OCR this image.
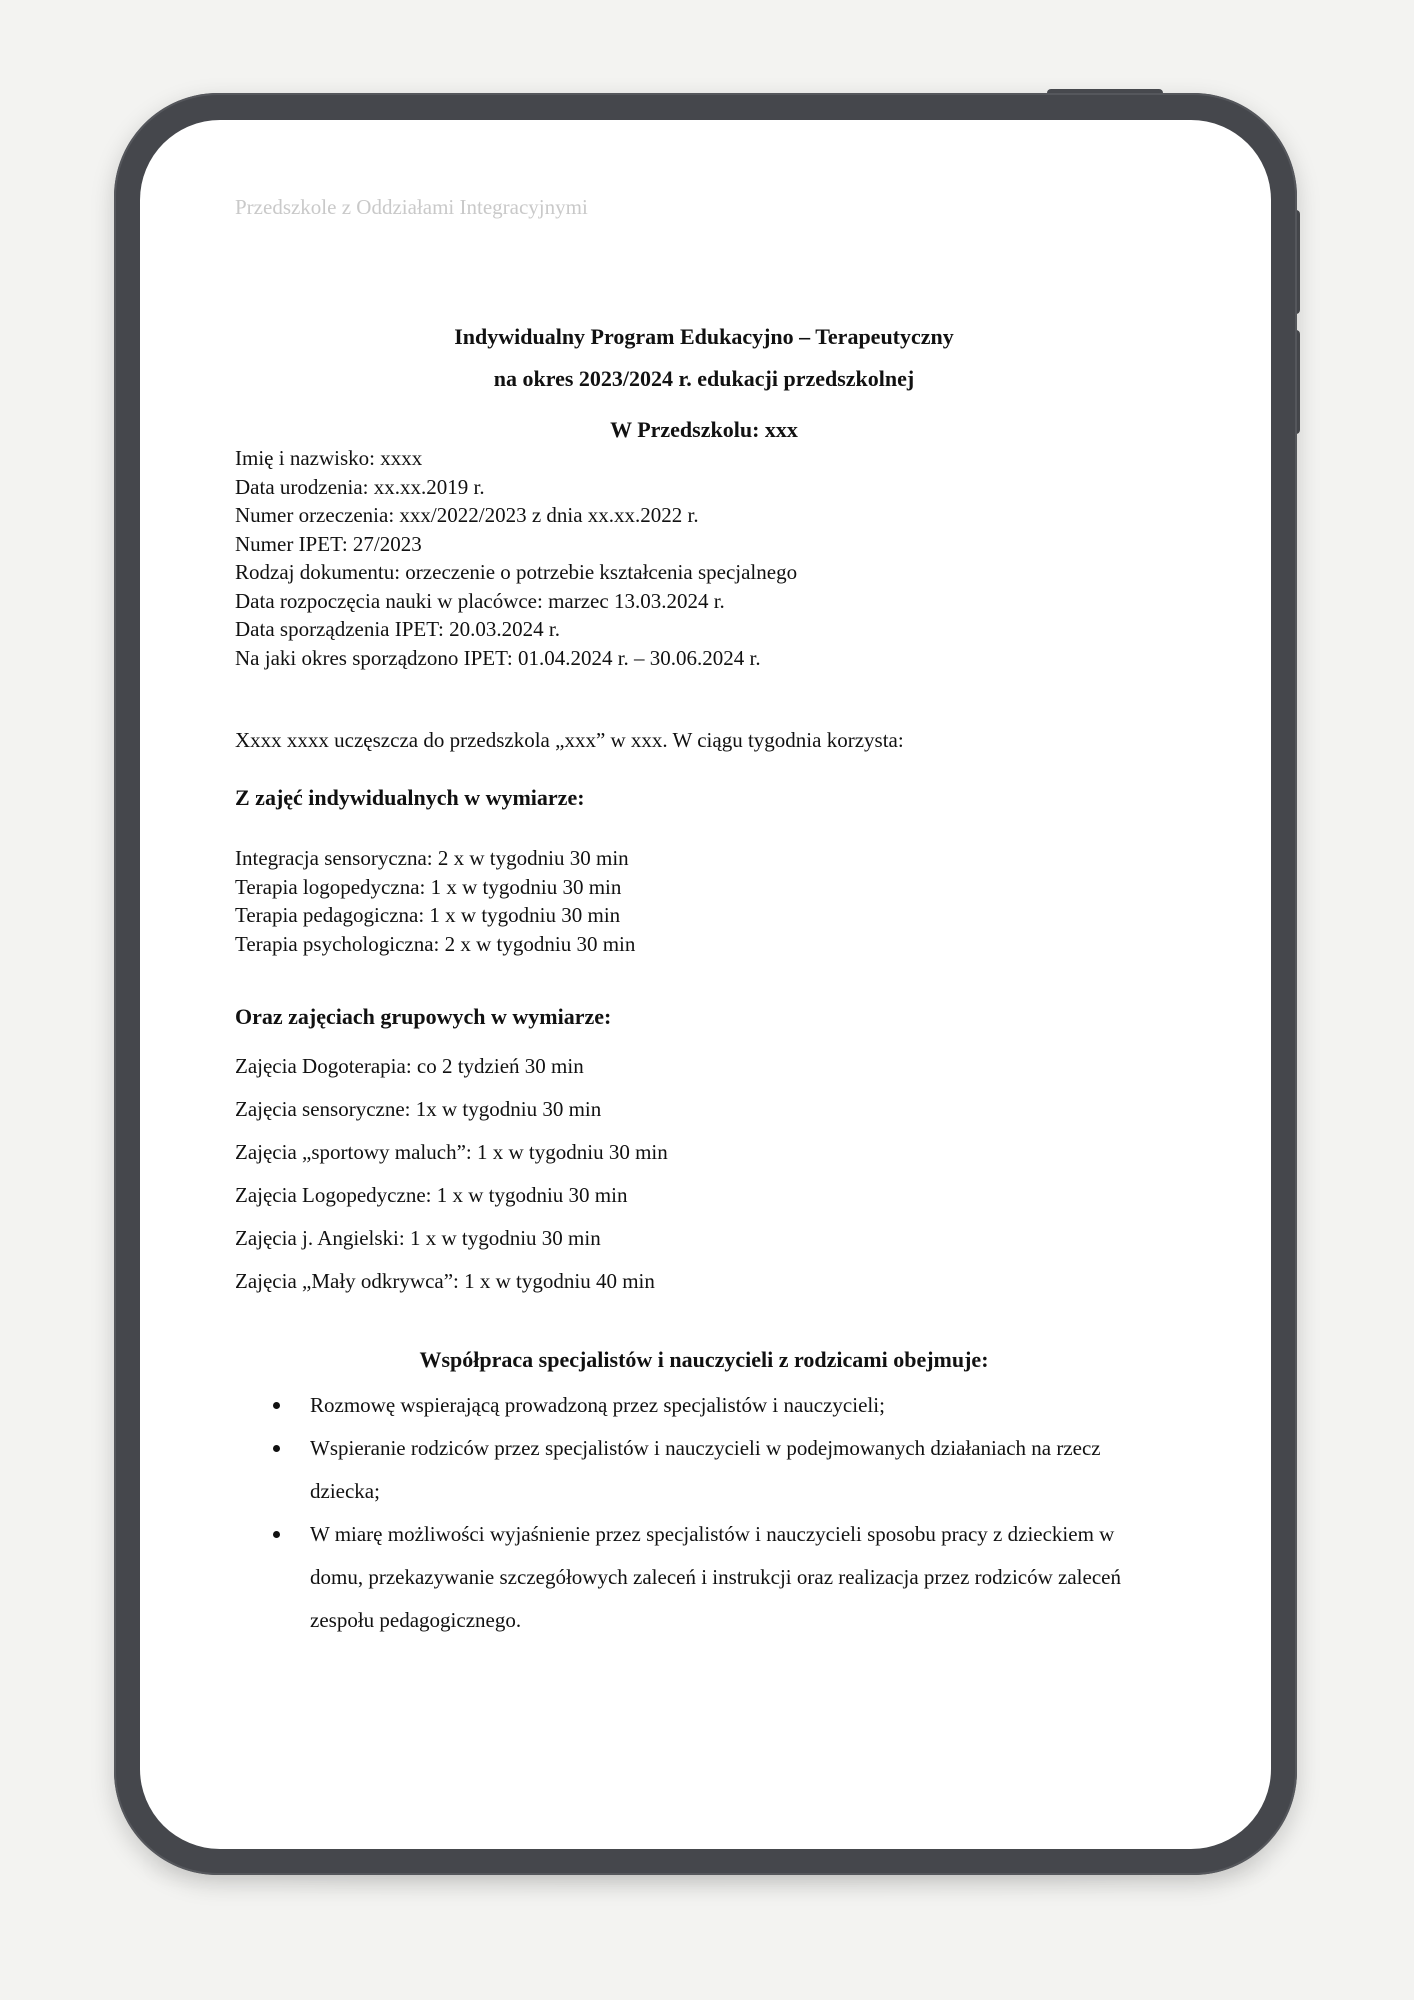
Przedszkole z Oddziałami Integracyjnymi
Indywidualny Program Edukacyjno – Terapeutyczny
na okres 2023/2024 r. edukacji przedszkolnej
W Przedszkolu: xxx
Imię i nazwisko: xxxx
Data urodzenia: xx.xx.2019 r.
Numer orzeczenia: xxx/2022/2023 z dnia xx.xx.2022 r.
Numer IPET: 27/2023
Rodzaj dokumentu: orzeczenie o potrzebie kształcenia specjalnego
Data rozpoczęcia nauki w placówce: marzec 13.03.2024 r.
Data sporządzenia IPET: 20.03.2024 r.
Na jaki okres sporządzono IPET: 01.04.2024 r. – 30.06.2024 r.
Xxxx xxxx uczęszcza do przedszkola „xxx” w xxx. W ciągu tygodnia korzysta:
Z zajęć indywidualnych w wymiarze:
Integracja sensoryczna: 2 x w tygodniu 30 min
Terapia logopedyczna: 1 x w tygodniu 30 min
Terapia pedagogiczna: 1 x w tygodniu 30 min
Terapia psychologiczna: 2 x w tygodniu 30 min
Oraz zajęciach grupowych w wymiarze:
Zajęcia Dogoterapia: co 2 tydzień 30 min
Zajęcia sensoryczne: 1x w tygodniu 30 min
Zajęcia „sportowy maluch”: 1 x w tygodniu 30 min
Zajęcia Logopedyczne: 1 x w tygodniu 30 min
Zajęcia j. Angielski: 1 x w tygodniu 30 min
Zajęcia „Mały odkrywca”: 1 x w tygodniu 40 min
Współpraca specjalistów i nauczycieli z rodzicami obejmuje:
Rozmowę wspierającą prowadzoną przez specjalistów i nauczycieli;
Wspieranie rodziców przez specjalistów i nauczycieli w podejmowanych działaniach na rzecz dziecka;
W miarę możliwości wyjaśnienie przez specjalistów i nauczycieli sposobu pracy z dzieckiem w domu, przekazywanie szczegółowych zaleceń i instrukcji oraz realizacja przez rodziców zaleceń zespołu pedagogicznego.
